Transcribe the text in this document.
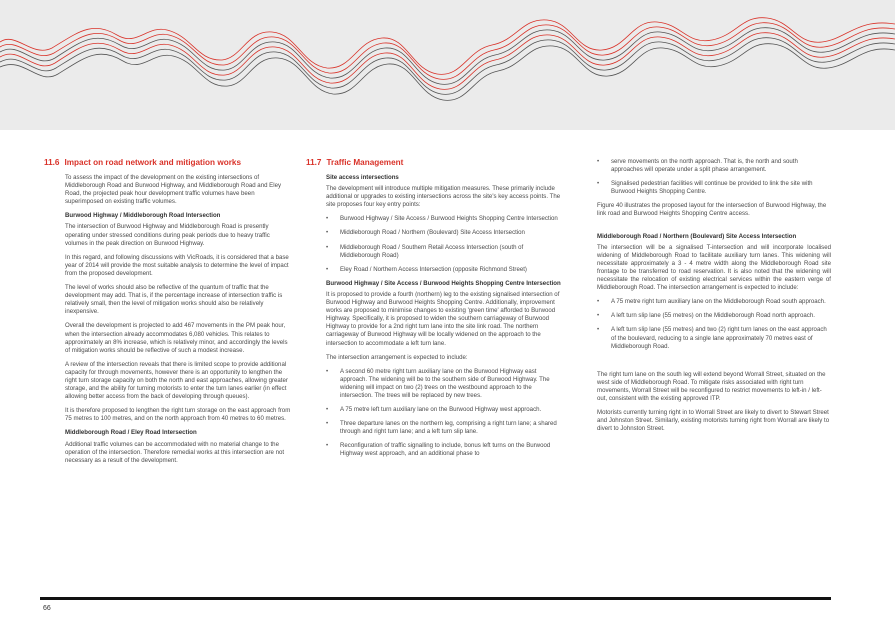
11.6 Impact on road network and mitigation works

To assess the impact of the development on the existing intersections of Middleborough Road and Burwood Highway, and Middleborough Road and Eley Road, the projected peak hour development traffic volumes have been superimposed on existing traffic volumes.

Burwood Highway / Middleborough Road Intersection

The intersection of Burwood Highway and Middleborough Road is presently operating under stressed conditions during peak periods due to heavy traffic volumes in the peak direction on Burwood Highway.

In this regard, and following discussions with VicRoads, it is considered that a base year of 2014 will provide the most suitable analysis to determine the level of impact from the proposed development.

The level of works should also be reflective of the quantum of traffic that the development may add. That is, if the percentage increase of intersection traffic is relatively small, then the level of mitigation works should also be relatively inexpensive.

Overall the development is projected to add 467 movements in the PM peak hour, when the intersection already accommodates 6,080 vehicles. This relates to approximately an 8% increase, which is relatively minor, and accordingly the levels of mitigation works should be reflective of such a modest increase.

A review of the intersection reveals that there is limited scope to provide additional capacity for through movements, however there is an opportunity to lengthen the right turn storage capacity on both the north and east approaches, allowing greater storage, and the ability for turning motorists to enter the turn lanes earlier (in effect allowing better access from the back of developing through queues).

It is therefore proposed to lengthen the right turn storage on the east approach from 75 metres to 100 metres, and on the north approach from 40 metres to 60 metres.

Middleborough Road / Eley Road Intersection

Additional traffic volumes can be accommodated with no material change to the operation of the intersection. Therefore remedial works at this intersection are not necessary as a result of the development.

11.7 Traffic Management
Site access intersections

The development will introduce multiple mitigation measures. These primarily include additional or upgrades to existing intersections across the site's key access points. The site proposes four key entry points:

• Burwood Highway / Site Access / Burwood Heights Shopping Centre Intersection
• Middleborough Road / Northern (Boulevard) Site Access Intersection
• Middleborough Road / Southern Retail Access Intersection (south of Middleborough Road)
• Eley Road / Northern Access Intersection (opposite Richmond Street)
Burwood Highway / Site Access / Burwood Heights Shopping Centre Intersection

It is proposed to provide a fourth (northern) leg to the existing signalised intersection of Burwood Highway and Burwood Heights Shopping Centre. Additionally, improvement works are proposed to minimise changes to existing 'green time' afforded to Burwood Highway. Specifically, it is proposed to widen the southern carriageway of Burwood Highway to provide for a 2nd right turn lane into the site link road. The northern carriageway of Burwood Highway will be locally widened on the approach to the intersection to accommodate a left turn lane.

The intersection arrangement is expected to include:

• A second 60 metre right turn auxiliary lane on the Burwood Highway east approach. The widening will be to the southern side of Burwood Highway. The widening will impact on two (2) trees on the westbound approach to the intersection. The trees will be replaced by new trees.
• A 75 metre left turn auxiliary lane on the Burwood Highway west approach.
• Three departure lanes on the northern leg, comprising a right turn lane; a shared through and right turn lane; and a left turn slip lane.
• Reconfiguration of traffic signalling to include, bonus left turns on the Burwood Highway west approach, and an additional phase to
• serve movements on the north approach. That is, the north and south approaches will operate under a split phase arrangement.
• Signalised pedestrian facilities will continue be provided to link the site with Burwood Heights Shopping Centre.

Figure 40 illustrates the proposed layout for the intersection of Burwood Highway, the link road and Burwood Heights Shopping Centre access.

Middleborough Road / Northern (Boulevard) Site Access Intersection

The intersection will be a signalised T-intersection and will incorporate localised widening of Middleborough Road to facilitate auxiliary turn lanes. This widening will necessitate approximately a 3 - 4 metre width along the Middleborough Road site frontage to be transferred to road reservation. It is also noted that the widening will necessitate the relocation of existing electrical services within the eastern verge of Middleborough Road. The intersection arrangement is expected to include:

• A 75 metre right turn auxiliary lane on the Middleborough Road south approach.
• A left turn slip lane (55 metres) on the Middleborough Road north approach.
• A left turn slip lane (55 metres) and two (2) right turn lanes on the east approach of the boulevard, reducing to a single lane approximately 70 metres east of Middleborough Road.

The right turn lane on the south leg will extend beyond Worrall Street, situated on the west side of Middleborough Road. To mitigate risks associated with right turn movements, Worrall Street will be reconfigured to restrict movements to left-in / left-out, consistent with the existing approved ITP.

Motorists currently turning right in to Worrall Street are likely to divert to Stewart Street and Johnston Street. Similarly, existing motorists turning right from Worrall are likely to divert to Johnston Street.

66
